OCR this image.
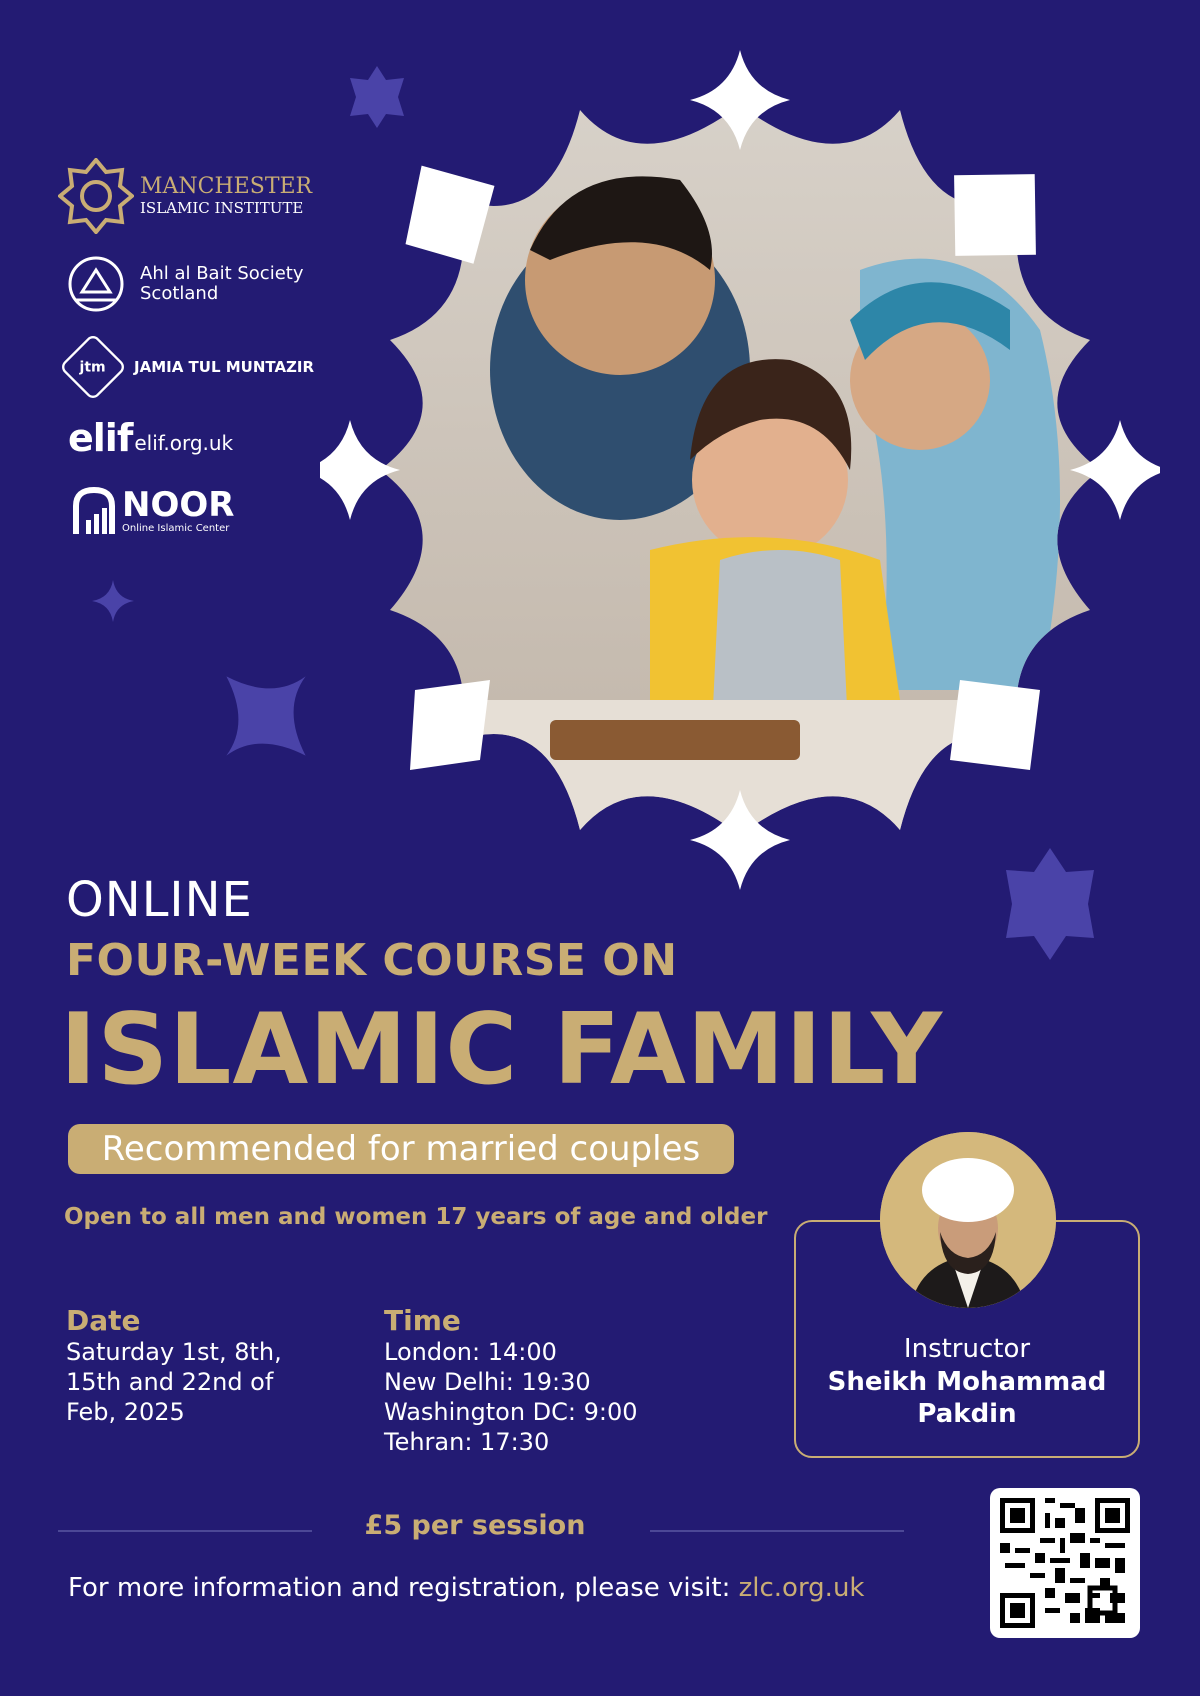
MANCHESTER
ISLAMIC INSTITUTE
Ahl al Bait Society
Scotland
jtm JAMIA TUL MUNTAZIR
elif elif.org.uk
NOOR
Online Islamic Center
ONLINE
FOUR-WEEK COURSE ON
ISLAMIC FAMILY
Recommended for married couples
Open to all men and women 17 years of age and older
Date
Saturday 1st, 8th,
15th and 22nd of
Feb, 2025
Time
London: 14:00
New Delhi: 19:30
Washington DC: 9:00
Tehran: 17:30
Instructor
Sheikh Mohammad
Pakdin
£5 per session
For more information and registration, please visit: zlc.org.uk
